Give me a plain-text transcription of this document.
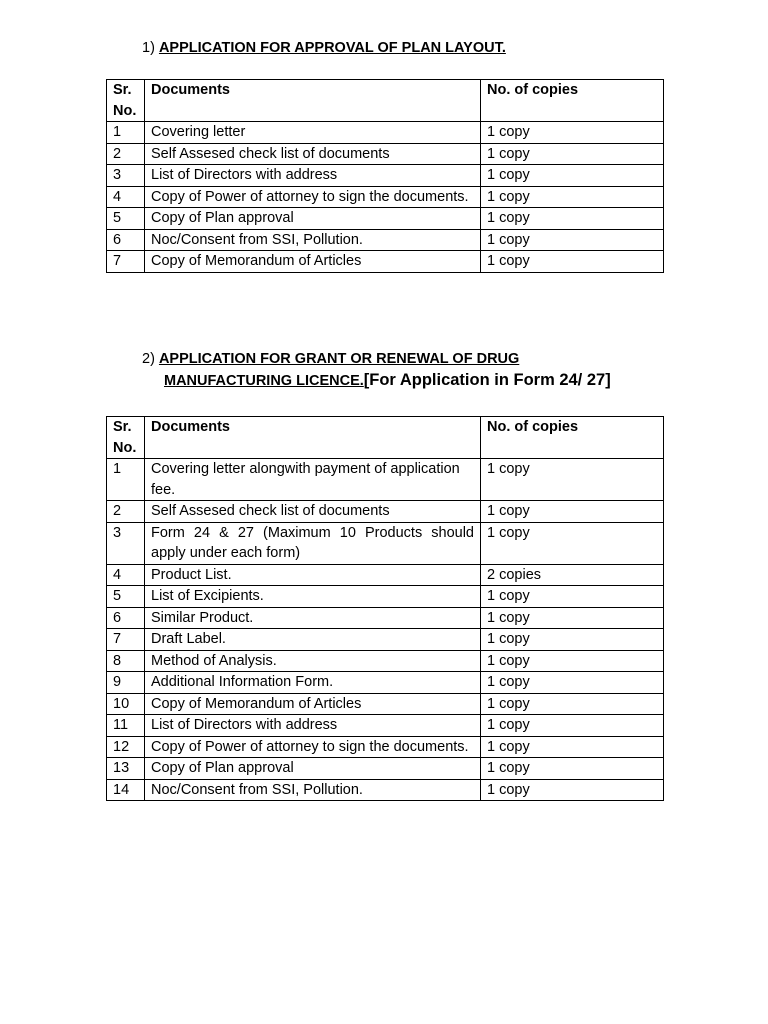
1) APPLICATION FOR APPROVAL OF PLAN LAYOUT.
Sr. No.	Documents	No. of copies
1	Covering letter	1 copy
2	Self Assesed check list of documents	1 copy
3	List of Directors with address	1 copy
4	Copy of Power of attorney to sign the documents.	1 copy
5	Copy of Plan approval	1 copy
6	Noc/Consent from SSI, Pollution.	1 copy
7	Copy of Memorandum of Articles	1 copy
2) APPLICATION FOR GRANT OR RENEWAL OF DRUG
MANUFACTURING LICENCE.[For Application in Form 24/ 27]
Sr. No.	Documents	No. of copies
1	Covering letter alongwith payment of application fee.	1 copy
2	Self Assesed check list of documents	1 copy
3	Form 24 & 27 (Maximum 10 Products should apply under each form)	1 copy
4	Product List.	2 copies
5	List of Excipients.	1 copy
6	Similar Product.	1 copy
7	Draft Label.	1 copy
8	Method of Analysis.	1 copy
9	Additional Information Form.	1 copy
10	Copy of Memorandum of Articles	1 copy
11	List of Directors with address	1 copy
12	Copy of Power of attorney to sign the documents.	1 copy
13	Copy of Plan approval	1 copy
14	Noc/Consent from SSI, Pollution.	1 copy
